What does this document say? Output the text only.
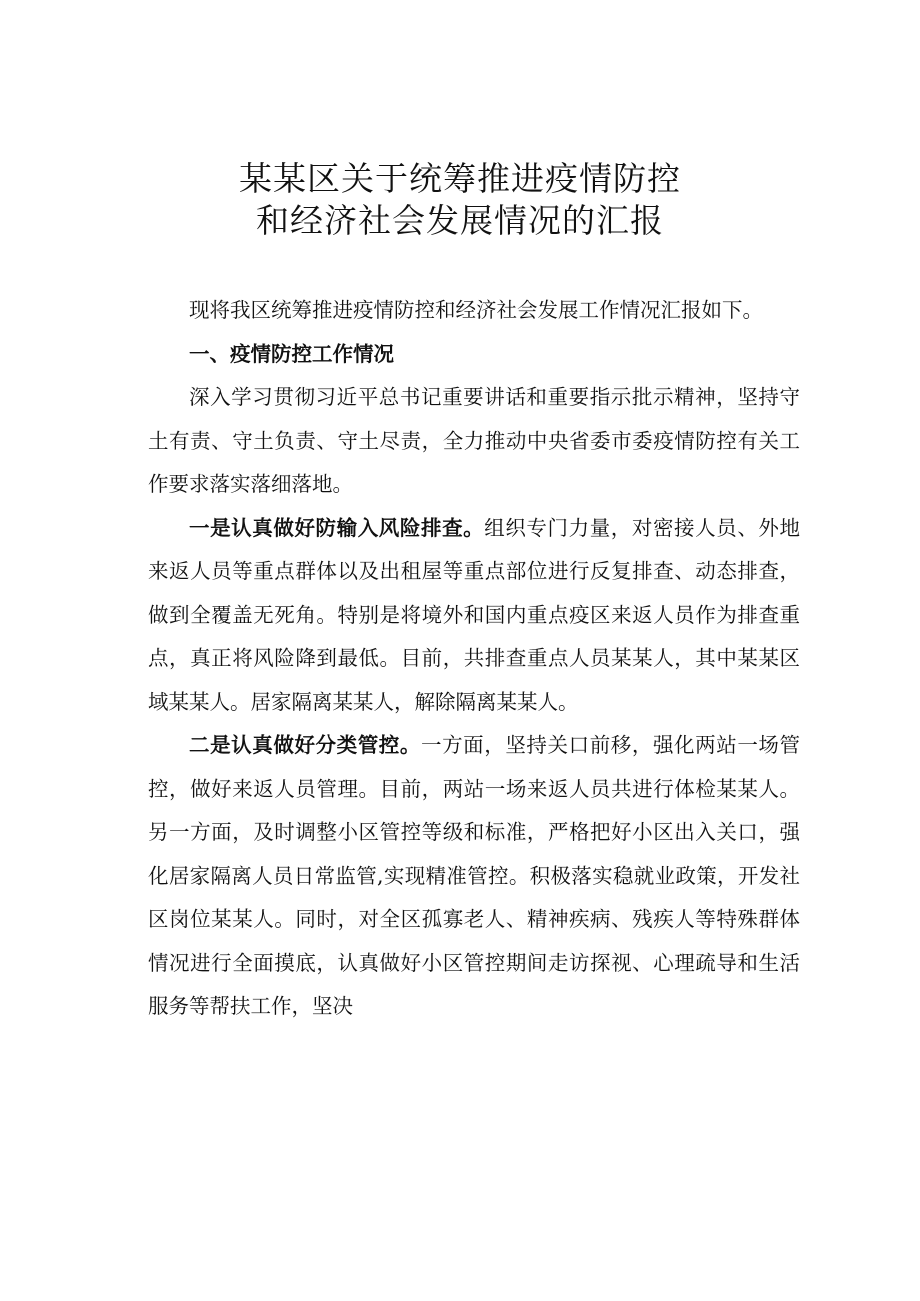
某某区关于统筹推进疫情防控
和经济社会发展情况的汇报

现将我区统筹推进疫情防控和经济社会发展工作情况汇报如下。

一、疫情防控工作情况

深入学习贯彻习近平总书记重要讲话和重要指示批示精神，坚持守土有责、守土负责、守土尽责，全力推动中央省委市委疫情防控有关工作要求落实落细落地。

一是认真做好防输入风险排查。组织专门力量，对密接人员、外地来返人员等重点群体以及出租屋等重点部位进行反复排查、动态排查，做到全覆盖无死角。特别是将境外和国内重点疫区来返人员作为排查重点，真正将风险降到最低。目前，共排查重点人员某某人，其中某某区域某某人。居家隔离某某人，解除隔离某某人。

二是认真做好分类管控。一方面，坚持关口前移，强化两站一场管控，做好来返人员管理。目前，两站一场来返人员共进行体检某某人。另一方面，及时调整小区管控等级和标准，严格把好小区出入关口，强化居家隔离人员日常监管,实现精准管控。积极落实稳就业政策，开发社区岗位某某人。同时，对全区孤寡老人、精神疾病、残疾人等特殊群体情况进行全面摸底，认真做好小区管控期间走访探视、心理疏导和生活服务等帮扶工作，坚决
